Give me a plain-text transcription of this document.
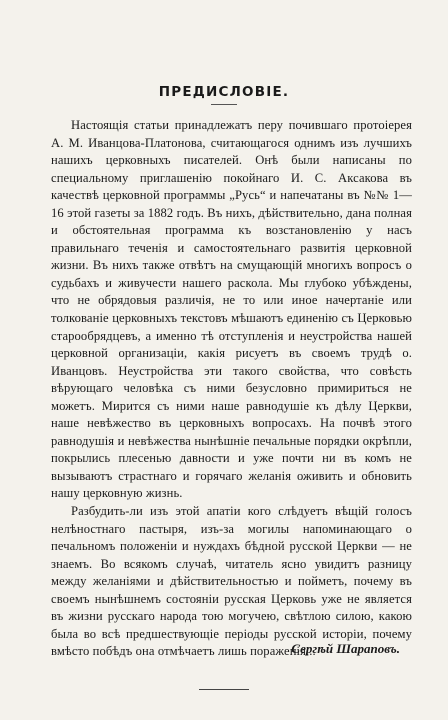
ПРЕДИСЛОВІЕ.

Настоящія статьи принадлежатъ перу почившаго протоіерея А. М. Иванцова-Платонова, считающагося однимъ изъ лучшихъ нашихъ церковныхъ писателей. Онѣ были написаны по специальному приглашенію покойнаго И. С. Аксакова въ качествѣ церковной программы „Русь“ и напечатаны въ №№ 1—16 этой газеты за 1882 годъ. Въ нихъ, дѣйствительно, дана полная и обстоятельная программа къ возстановленію у насъ правильнаго теченія и самостоятельнаго развитія церковной жизни. Въ нихъ также отвѣтъ на смущающій многихъ вопросъ о судьбахъ и живучести нашего раскола. Мы глубоко убѣждены, что не обрядовыя различія, не то или иное начертаніе или толкованіе церковныхъ текстовъ мѣшаютъ единенію съ Церковью старообрядцевъ, а именно тѣ отступленія и неустройства нашей церковной организаціи, какія рисуетъ въ своемъ трудѣ о. Иванцовъ. Неустройства эти такого свойства, что совѣсть вѣрующаго человѣка съ ними безусловно примириться не можетъ. Мирится съ ними наше равнодушіе къ дѣлу Церкви, наше невѣжество въ церковныхъ вопросахъ. На почвѣ этого равнодушія и невѣжества нынѣшніе печальные порядки окрѣпли, покрылись плесенью давности и уже почти ни въ комъ не вызываютъ страстнаго и горячаго желанія оживить и обновить нашу церковную жизнь.

Разбудить-ли изъ этой апатіи кого слѣдуетъ вѣщій голосъ нелѣностнаго пастыря, изъ-за могилы напоминающаго о печальномъ положеніи и нуждахъ бѣдной русской Церкви — не знаемъ. Во всякомъ случаѣ, читатель ясно увидитъ разницу между желаніями и дѣйствительностью и пойметъ, почему въ своемъ нынѣшнемъ состояніи русская Церковь уже не является въ жизни русскаго народа тою могучею, свѣтлою силою, какою была во всѣ предшествующіе періоды русской исторіи, почему вмѣсто побѣдъ она отмѣчаетъ лишь пораженія...

Сергѣй Шараповъ.
